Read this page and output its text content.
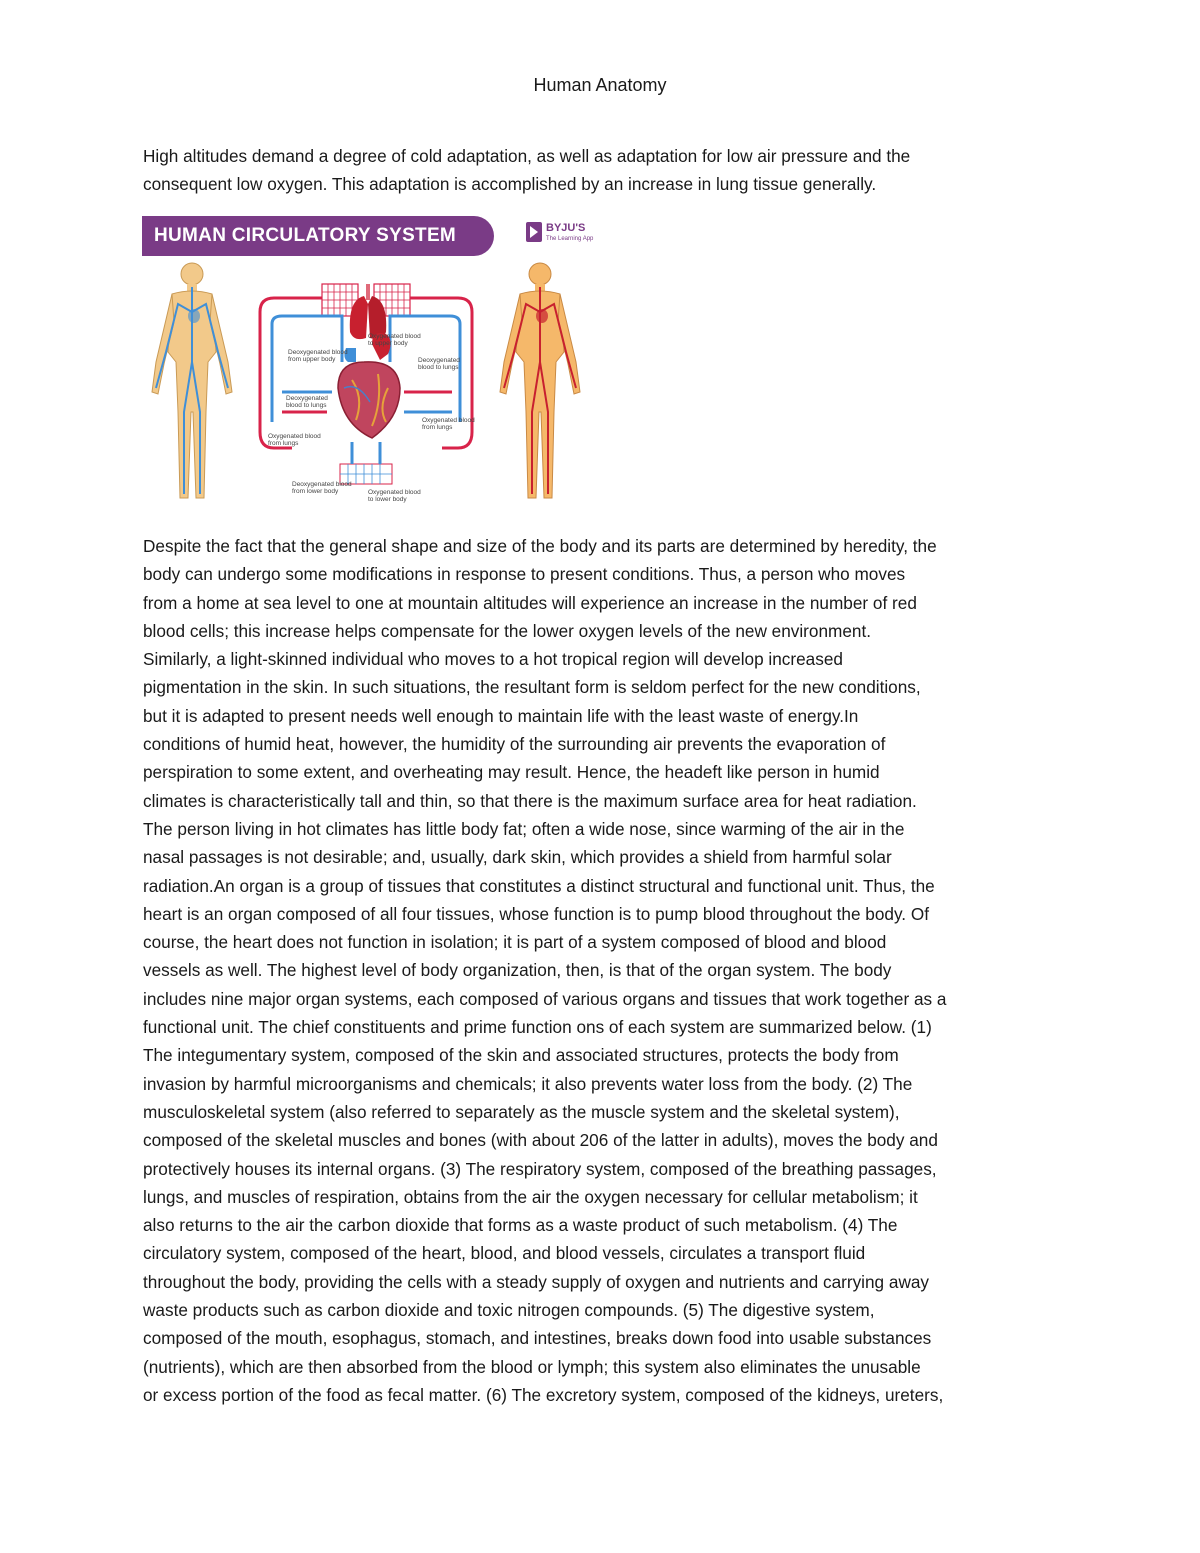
Human Anatomy

High altitudes demand a degree of cold adaptation, as well as adaptation for low air pressure and the
consequent low oxygen. This adaptation is accomplished by an increase in lung tissue generally.

HUMAN CIRCULATORY SYSTEM	BYJU'S
The Learning App
Oxygenated blood to upper body
Deoxygenated blood from upper body	Deoxygenated blood to lungs
Deoxygenated blood to lungs
Oxygenated blood from lungs
Oxygenated blood from lungs
Deoxygenated blood from lower body	Oxygenated blood to lower body

Despite the fact that the general shape and size of the body and its parts are determined by heredity, the
body can undergo some modifications in response to present conditions. Thus, a person who moves
from a home at sea level to one at mountain altitudes will experience an increase in the number of red
blood cells; this increase helps compensate for the lower oxygen levels of the new environment.
Similarly, a light-skinned individual who moves to a hot tropical region will develop increased
pigmentation in the skin. In such situations, the resultant form is seldom perfect for the new conditions,
but it is adapted to present needs well enough to maintain life with the least waste of energy.In
conditions of humid heat, however, the humidity of the surrounding air prevents the evaporation of
perspiration to some extent, and overheating may result. Hence, the headeft like person in humid
climates is characteristically tall and thin, so that there is the maximum surface area for heat radiation.
The person living in hot climates has little body fat; often a wide nose, since warming of the air in the
nasal passages is not desirable; and, usually, dark skin, which provides a shield from harmful solar
radiation.An organ is a group of tissues that constitutes a distinct structural and functional unit. Thus, the
heart is an organ composed of all four tissues, whose function is to pump blood throughout the body. Of
course, the heart does not function in isolation; it is part of a system composed of blood and blood
vessels as well. The highest level of body organization, then, is that of the organ system. The body
includes nine major organ systems, each composed of various organs and tissues that work together as a
functional unit. The chief constituents and prime function ons of each system are summarized below. (1)
The integumentary system, composed of the skin and associated structures, protects the body from
invasion by harmful microorganisms and chemicals; it also prevents water loss from the body. (2) The
musculoskeletal system (also referred to separately as the muscle system and the skeletal system),
composed of the skeletal muscles and bones (with about 206 of the latter in adults), moves the body and
protectively houses its internal organs. (3) The respiratory system, composed of the breathing passages,
lungs, and muscles of respiration, obtains from the air the oxygen necessary for cellular metabolism; it
also returns to the air the carbon dioxide that forms as a waste product of such metabolism. (4) The
circulatory system, composed of the heart, blood, and blood vessels, circulates a transport fluid
throughout the body, providing the cells with a steady supply of oxygen and nutrients and carrying away
waste products such as carbon dioxide and toxic nitrogen compounds. (5) The digestive system,
composed of the mouth, esophagus, stomach, and intestines, breaks down food into usable substances
(nutrients), which are then absorbed from the blood or lymph; this system also eliminates the unusable
or excess portion of the food as fecal matter. (6) The excretory system, composed of the kidneys, ureters,
